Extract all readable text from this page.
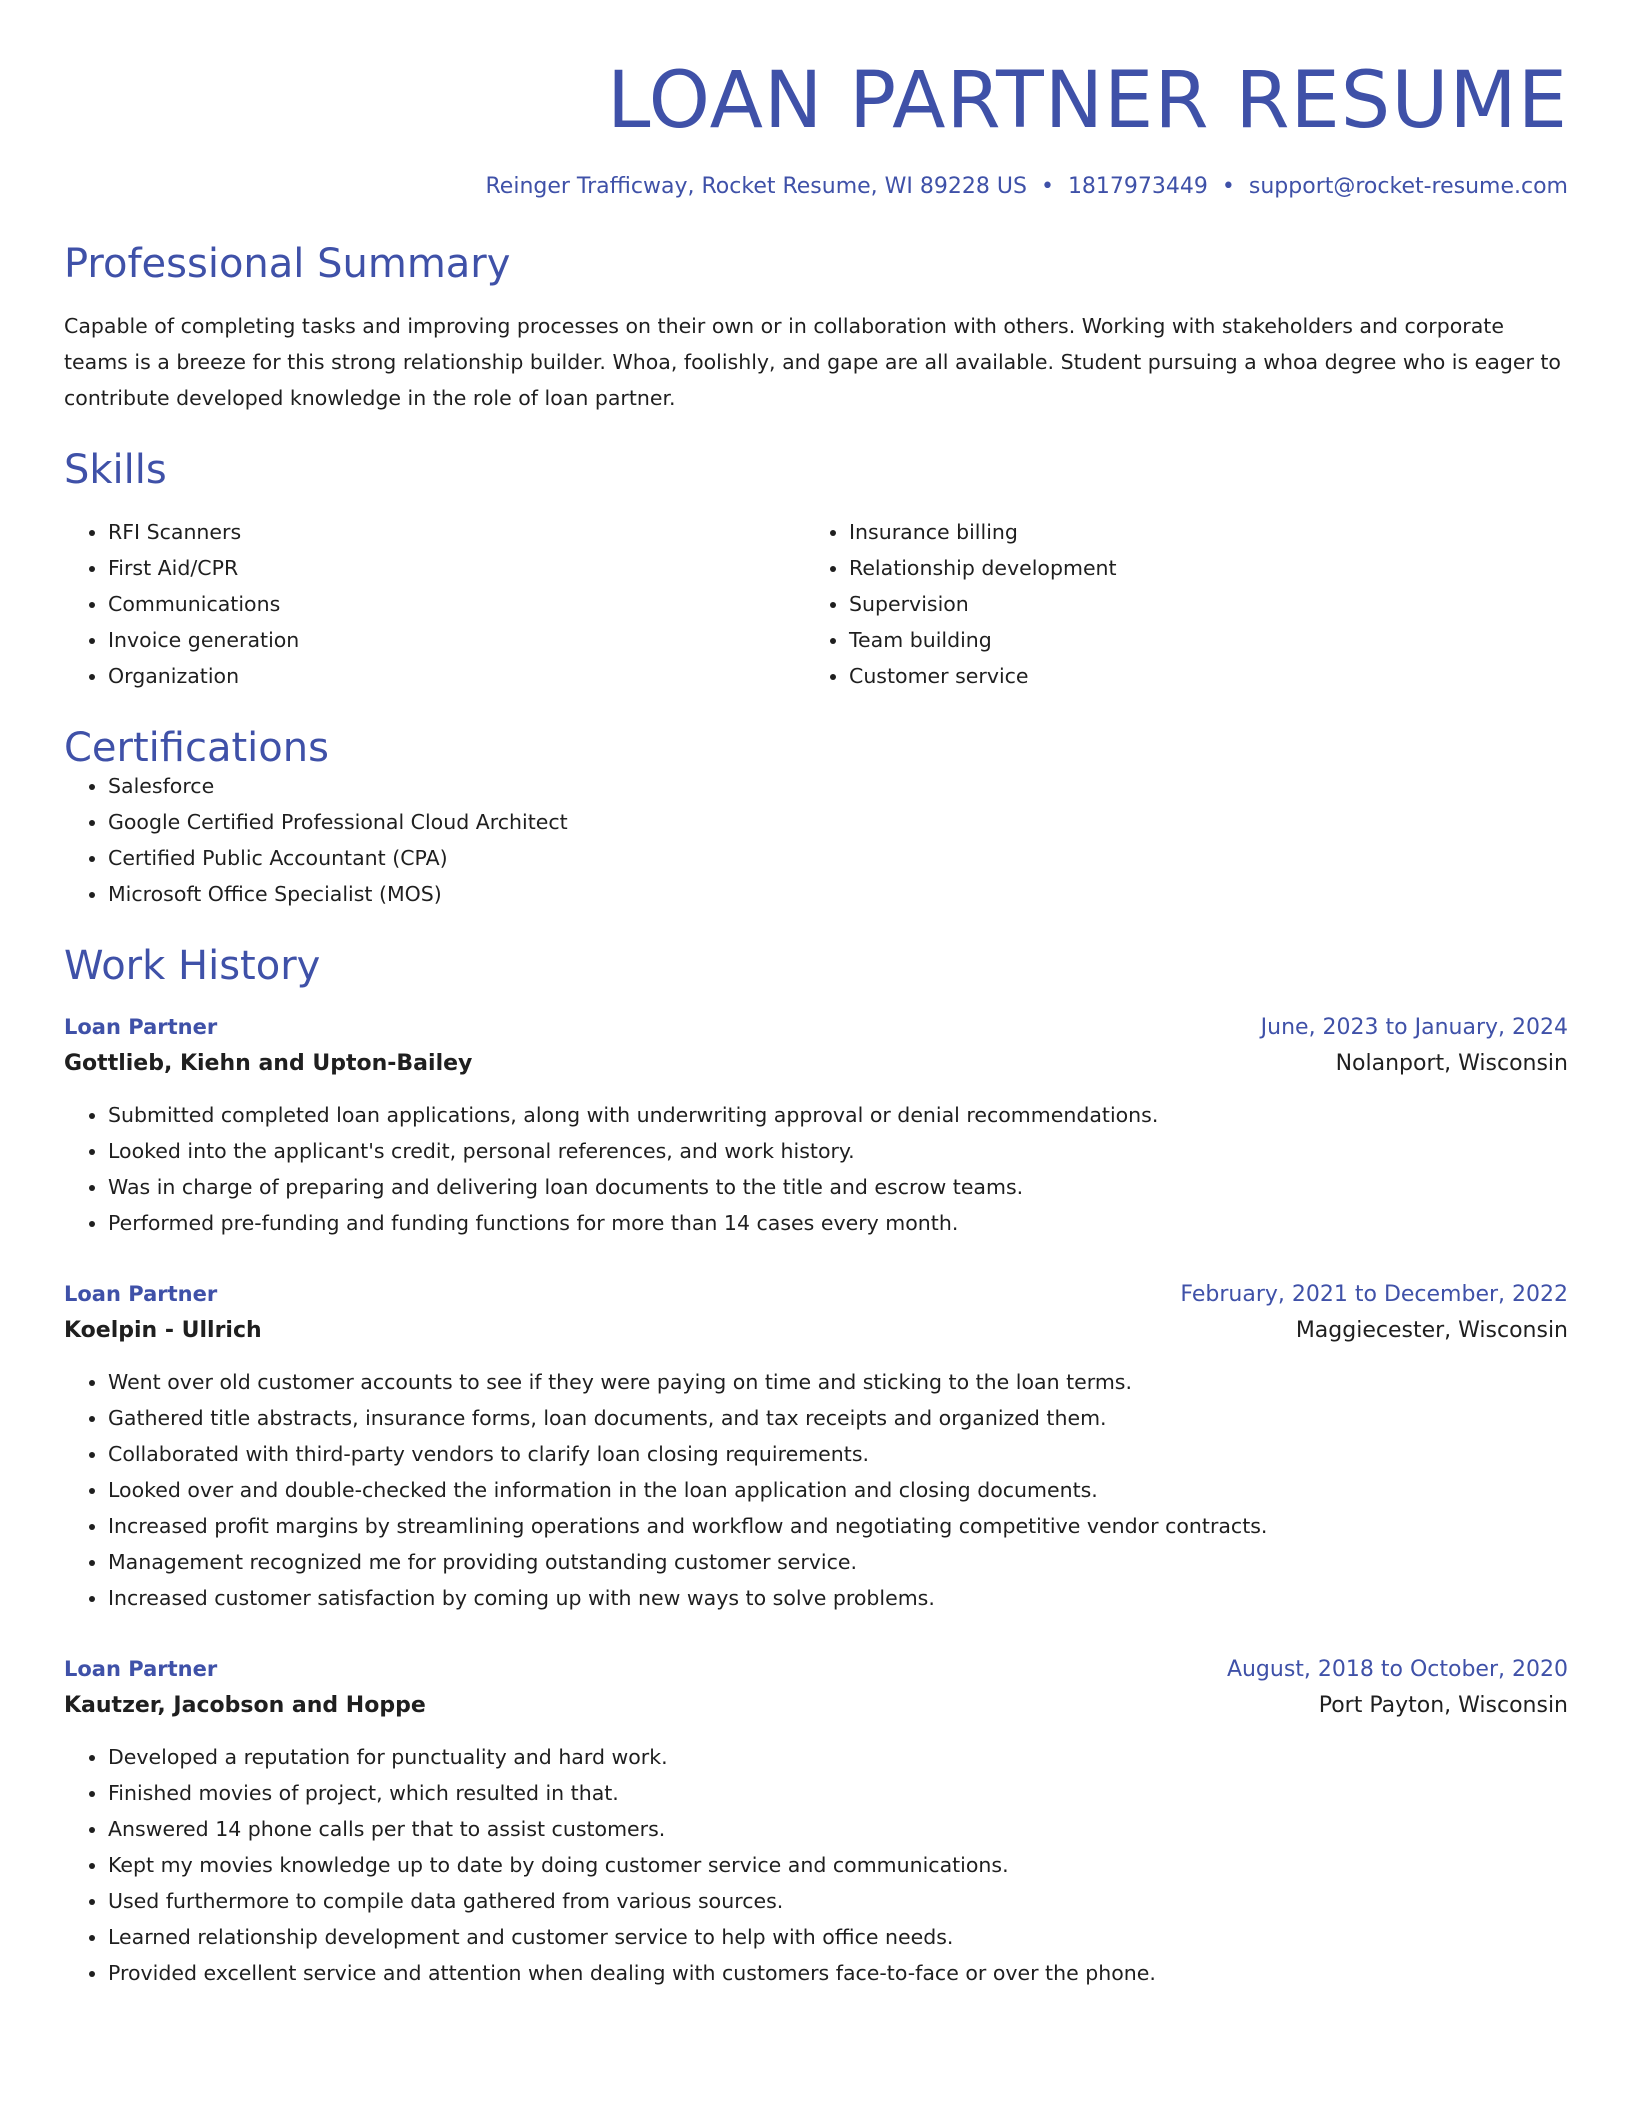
LOAN PARTNER RESUME
Reinger Trafficway, Rocket Resume, WI 89228 US • 1817973449 • support@rocket-resume.com
Professional Summary

Capable of completing tasks and improving processes on their own or in collaboration with others. Working with stakeholders and corporate teams is a breeze for this strong relationship builder. Whoa, foolishly, and gape are all available. Student pursuing a whoa degree who is eager to contribute developed knowledge in the role of loan partner.

Skills
• RFI Scanners
• First Aid/CPR
• Communications
• Invoice generation
• Organization
• Insurance billing
• Relationship development
• Supervision
• Team building
• Customer service
Certifications
• Salesforce
• Google Certified Professional Cloud Architect
• Certified Public Accountant (CPA)
• Microsoft Office Specialist (MOS)
Work History
Loan Partner	June, 2023 to January, 2024
Gottlieb, Kiehn and Upton-Bailey	Nolanport, Wisconsin
• Submitted completed loan applications, along with underwriting approval or denial recommendations.
• Looked into the applicant's credit, personal references, and work history.
• Was in charge of preparing and delivering loan documents to the title and escrow teams.
• Performed pre-funding and funding functions for more than 14 cases every month.
Loan Partner	February, 2021 to December, 2022
Koelpin - Ullrich	Maggiecester, Wisconsin
• Went over old customer accounts to see if they were paying on time and sticking to the loan terms.
• Gathered title abstracts, insurance forms, loan documents, and tax receipts and organized them.
• Collaborated with third-party vendors to clarify loan closing requirements.
• Looked over and double-checked the information in the loan application and closing documents.
• Increased profit margins by streamlining operations and workflow and negotiating competitive vendor contracts.
• Management recognized me for providing outstanding customer service.
• Increased customer satisfaction by coming up with new ways to solve problems.
Loan Partner	August, 2018 to October, 2020
Kautzer, Jacobson and Hoppe	Port Payton, Wisconsin
• Developed a reputation for punctuality and hard work.
• Finished movies of project, which resulted in that.
• Answered 14 phone calls per that to assist customers.
• Kept my movies knowledge up to date by doing customer service and communications.
• Used furthermore to compile data gathered from various sources.
• Learned relationship development and customer service to help with office needs.
• Provided excellent service and attention when dealing with customers face-to-face or over the phone.
